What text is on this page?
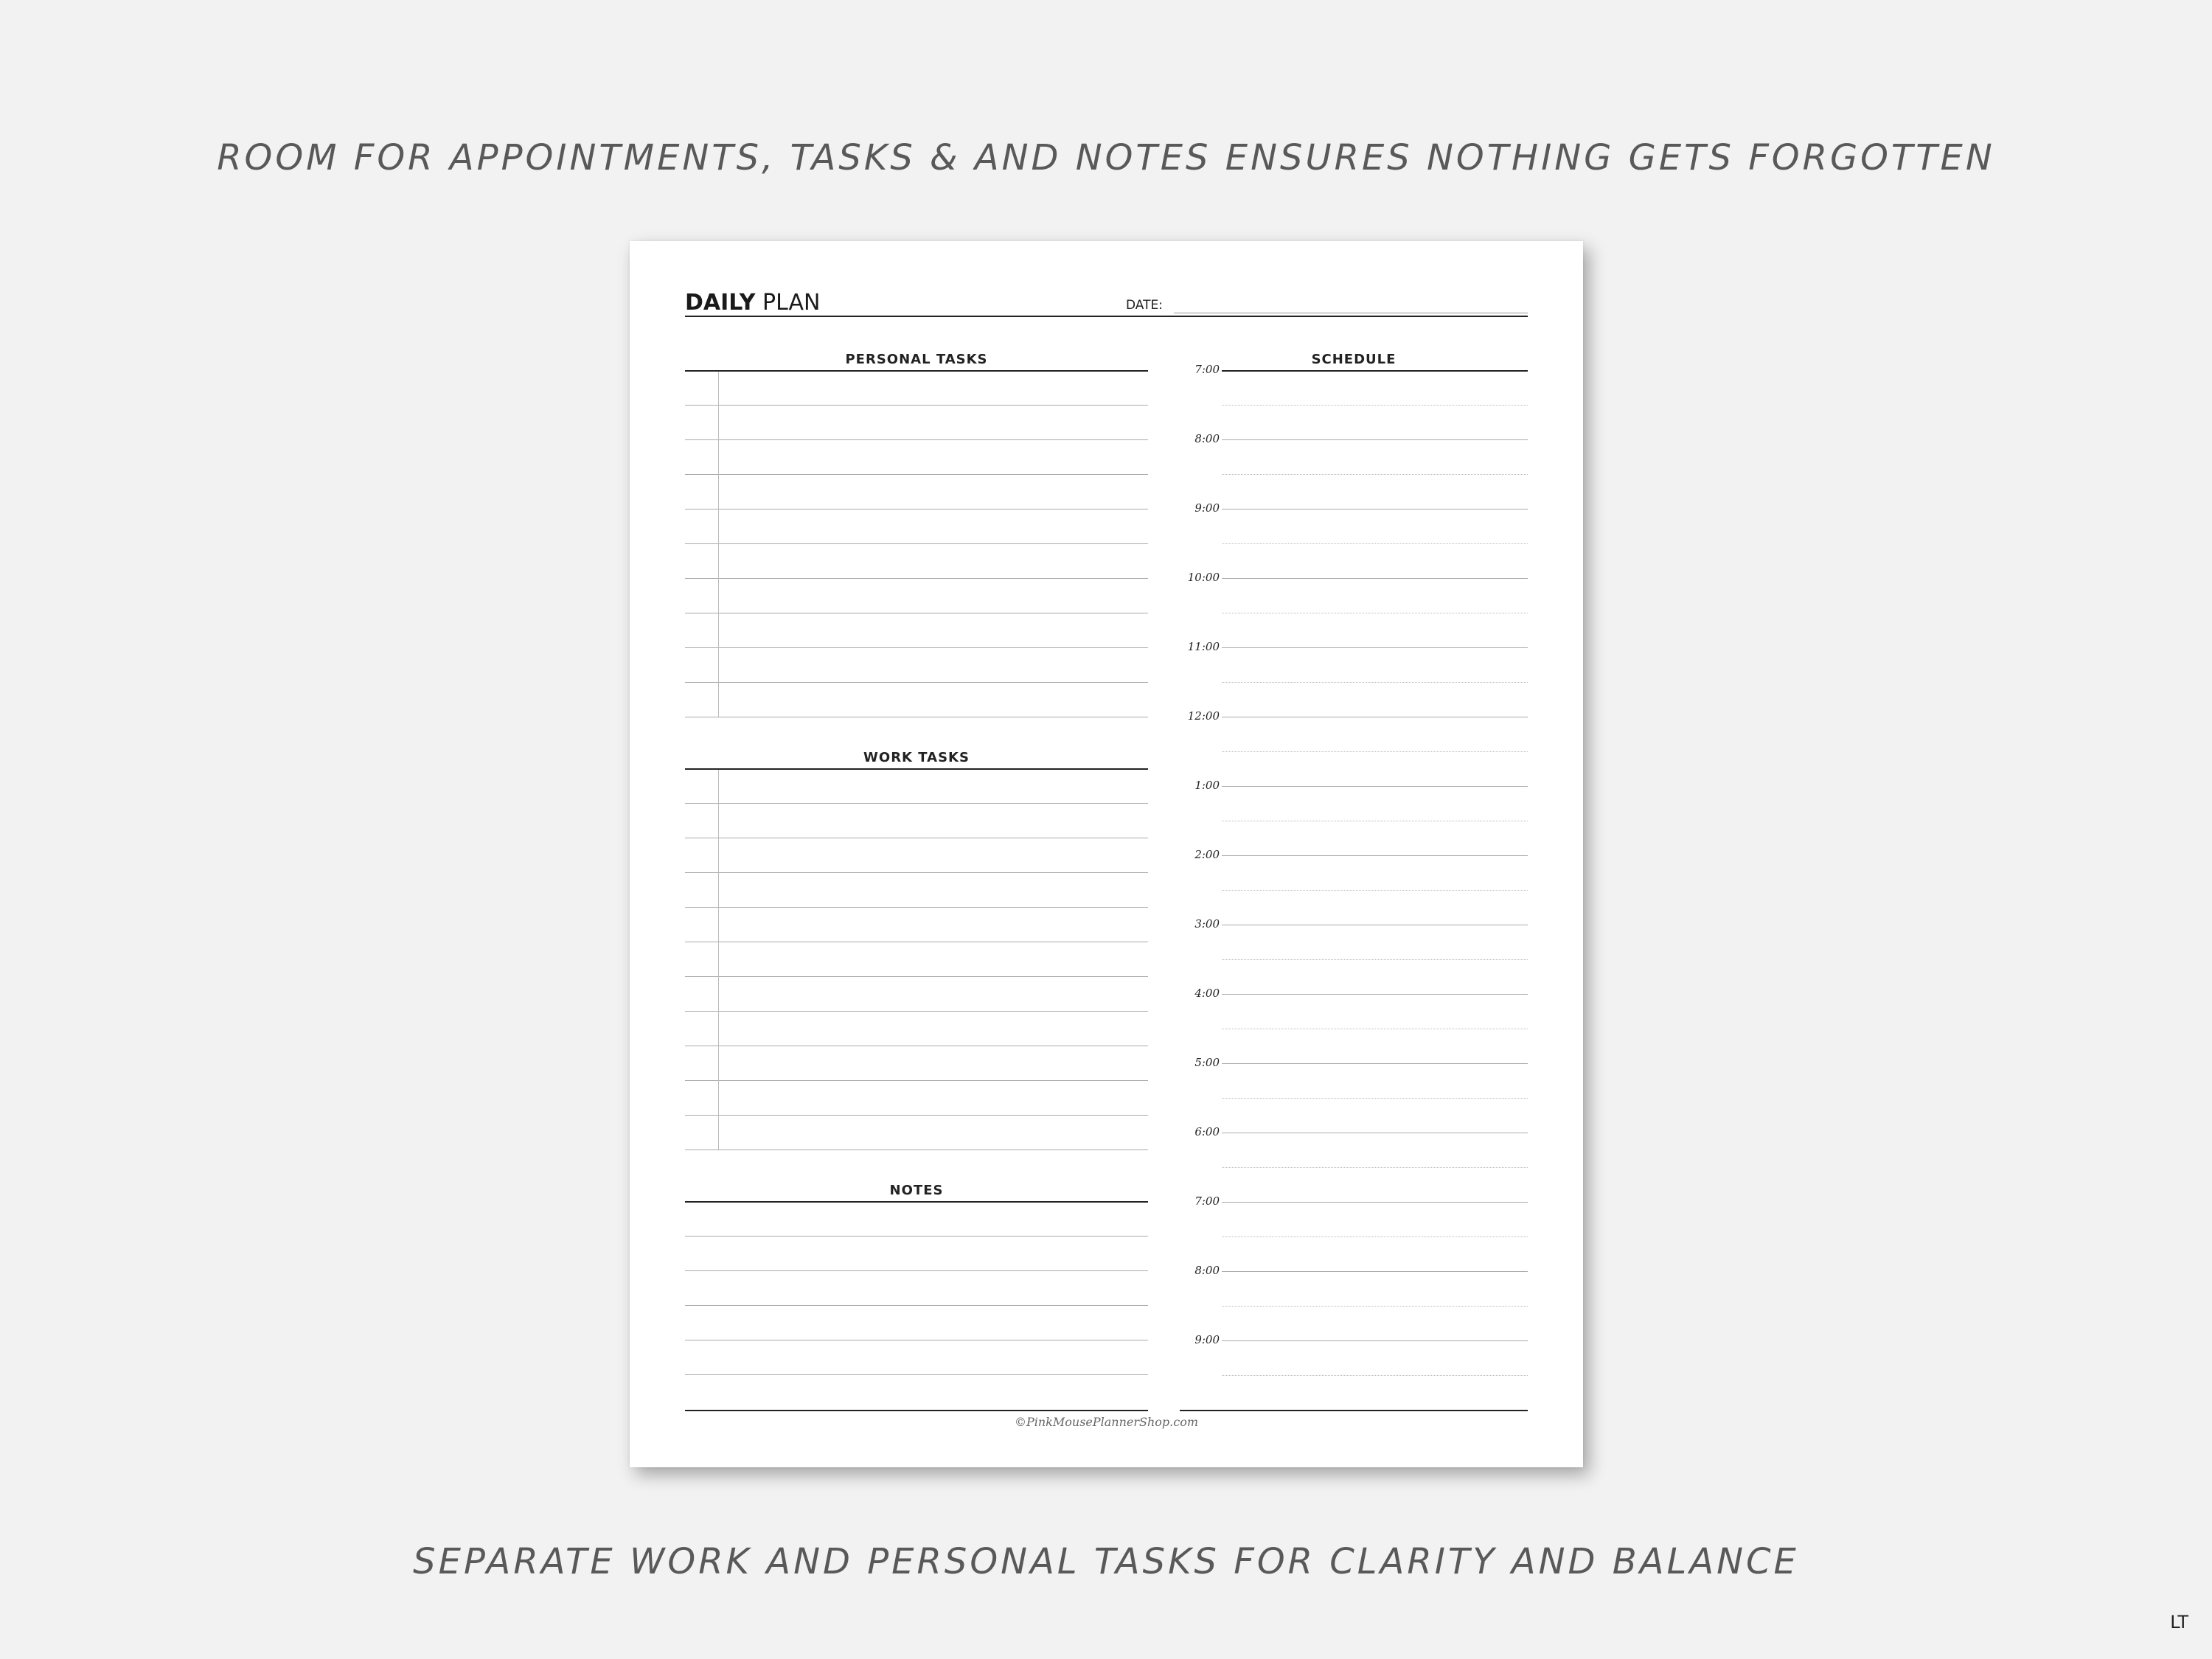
ROOM FOR APPOINTMENTS, TASKS & AND NOTES ENSURES NOTHING GETS FORGOTTEN
DAILY PLAN	DATE:
PERSONAL TASKS
WORK TASKS
NOTES
SCHEDULE
©PinkMousePlannerShop.com
7:00
8:00
9:00
10:00
11:00
12:00
1:00
2:00
3:00
4:00
5:00
6:00
7:00
8:00
9:00
SEPARATE WORK AND PERSONAL TASKS FOR CLARITY AND BALANCE
LT
